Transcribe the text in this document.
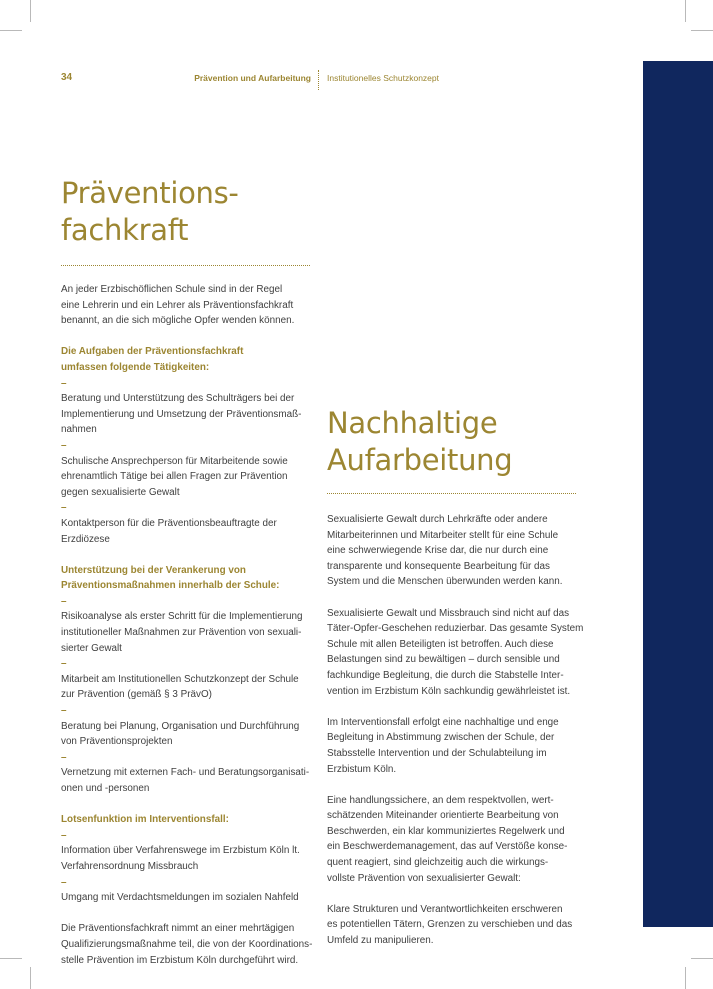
34	Prävention und Aufarbeitung Institutionelles Schutzkonzept
Präventions-
fachkraft

An jeder Erzbischöflichen Schule sind in der Regel
eine Lehrerin und ein Lehrer als Präventionsfachkraft
benannt, an die sich mögliche Opfer wenden können.

Die Aufgaben der Präventionsfachkraft
umfassen folgende Tätigkeiten:
–
Beratung und Unterstützung des Schulträgers bei der
Implementierung und Umsetzung der Präventionsmaß-
nahmen
–
Schulische Ansprechperson für Mitarbeitende sowie
ehrenamtlich Tätige bei allen Fragen zur Prävention
gegen sexualisierte Gewalt
–
Kontaktperson für die Präventionsbeauftragte der
Erzdiözese

Unterstützung bei der Verankerung von
Präventionsmaßnahmen innerhalb der Schule:
–
Risikoanalyse als erster Schritt für die Implementierung
institutioneller Maßnahmen zur Prävention von sexuali-
sierter Gewalt
–
Mitarbeit am Institutionellen Schutzkonzept der Schule
zur Prävention (gemäß § 3 PrävO)
–
Beratung bei Planung, Organisation und Durchführung
von Präventionsprojekten
–
Vernetzung mit externen Fach- und Beratungsorganisati-
onen und -personen

Lotsenfunktion im Interventionsfall:
–
Information über Verfahrenswege im Erzbistum Köln lt.
Verfahrensordnung Missbrauch
–
Umgang mit Verdachtsmeldungen im sozialen Nahfeld

Die Präventionsfachkraft nimmt an einer mehrtägigen
Qualifizierungsmaßnahme teil, die von der Koordinations-
stelle Prävention im Erzbistum Köln durchgeführt wird.

Nachhaltige
Aufarbeitung

Sexualisierte Gewalt durch Lehrkräfte oder andere
Mitarbeiterinnen und Mitarbeiter stellt für eine Schule
eine schwerwiegende Krise dar, die nur durch eine
transparente und konsequente Bearbeitung für das
System und die Menschen überwunden werden kann.

Sexualisierte Gewalt und Missbrauch sind nicht auf das
Täter-Opfer-Geschehen reduzierbar. Das gesamte System
Schule mit allen Beteiligten ist betroffen. Auch diese
Belastungen sind zu bewältigen – durch sensible und
fachkundige Begleitung, die durch die Stabstelle Inter-
vention im Erzbistum Köln sachkundig gewährleistet ist.

Im Interventionsfall erfolgt eine nachhaltige und enge
Begleitung in Abstimmung zwischen der Schule, der
Stabsstelle Intervention und der Schulabteilung im
Erzbistum Köln.

Eine handlungssichere, an dem respektvollen, wert-
schätzenden Miteinander orientierte Bearbeitung von
Beschwerden, ein klar kommuniziertes Regelwerk und
ein Beschwerdemanagement, das auf Verstöße konse-
quent reagiert, sind gleichzeitig auch die wirkungs-
vollste Prävention von sexualisierter Gewalt:

Klare Strukturen und Verantwortlichkeiten erschweren
es potentiellen Tätern, Grenzen zu verschieben und das
Umfeld zu manipulieren.
